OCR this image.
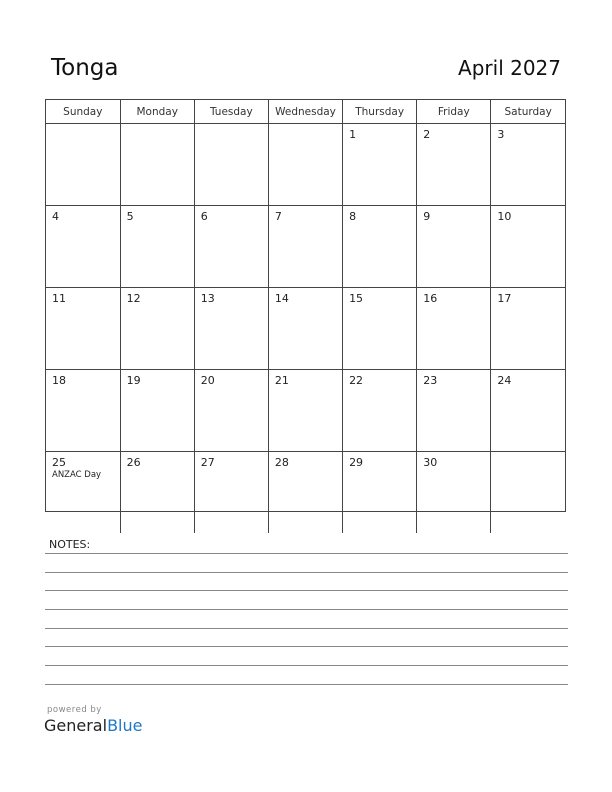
Tonga	April 2027
Sunday	Monday	Tuesday	Wednesday	Thursday	Friday	Saturday

				1	2	3

4	5	6	7	8	9	10

11	12	13	14	15	16	17

18	19	20	21	22	23	24

25
ANZAC Day	26	27	28	29	30	

NOTES:
powered by
GeneralBlue
